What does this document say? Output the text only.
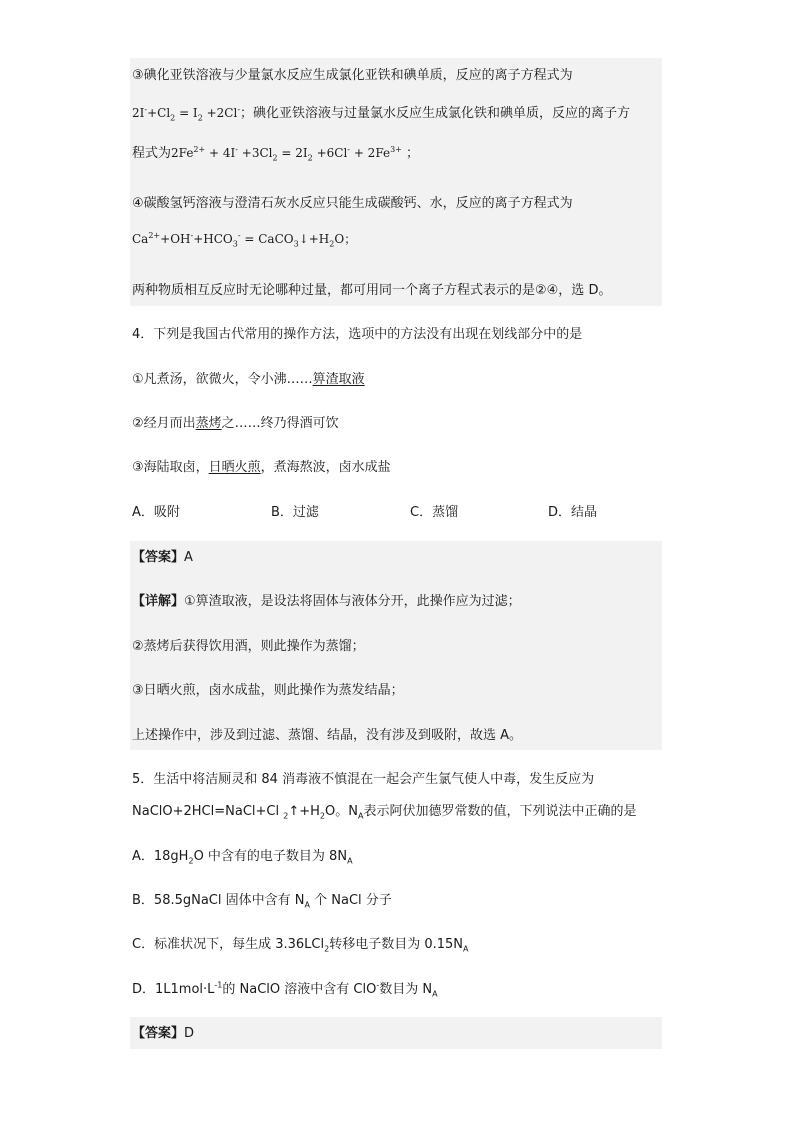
③碘化亚铁溶液与少量氯水反应生成氯化亚铁和碘单质，反应的离子方程式为
$2I^-+Cl_2 = I_2 +2Cl^-$；碘化亚铁溶液与过量氯水反应生成氯化铁和碘单质，反应的离子方
程式为$2Fe^{2+} + 4I^- +3Cl_2 = 2I_2 +6Cl^- + 2Fe^{3+}$ ；
④碳酸氢钙溶液与澄清石灰水反应只能生成碳酸钙、水，反应的离子方程式为
$Ca^{2+}+OH^-+HCO_3^-$ = $CaCO_3↓+H_2O$；
两种物质相互反应时无论哪种过量，都可用同一个离子方程式表示的是②④，选 D。
4．下列是我国古代常用的操作方法，选项中的方法没有出现在划线部分中的是
①凡煮汤，欲微火，令小沸……箅渣取液
②经月而出蒸烤之……终乃得酒可饮
③海陆取卤，日晒火煎，煮海熬波，卤水成盐
A．吸附	B．过滤	C．蒸馏	D．结晶
【答案】A
【详解】①箅渣取液，是设法将固体与液体分开，此操作应为过滤；
②蒸烤后获得饮用酒，则此操作为蒸馏；
③日晒火煎，卤水成盐，则此操作为蒸发结晶；
上述操作中，涉及到过滤、蒸馏、结晶，没有涉及到吸附，故选 A。
5．生活中将洁厕灵和 84 消毒液不慎混在一起会产生氯气使人中毒，发生反应为
NaClO+2HCl=NaCl+Cl $_2↑+H_2O$。$N_A$表示阿伏加德罗常数的值，下列说法中正确的是
A．$18gH_2O$ 中含有的电子数目为 $8N_A$
B．58.5gNaCl 固体中含有 $N_A$ 个 NaCl 分子
C．标准状况下，每生成 3.36LCl$_2$转移电子数目为 $0.15N_A$
D．$1L1mol\cdot L^{-1}$的 NaClO 溶液中含有 ClO-数目为 $N_A$
【答案】D
